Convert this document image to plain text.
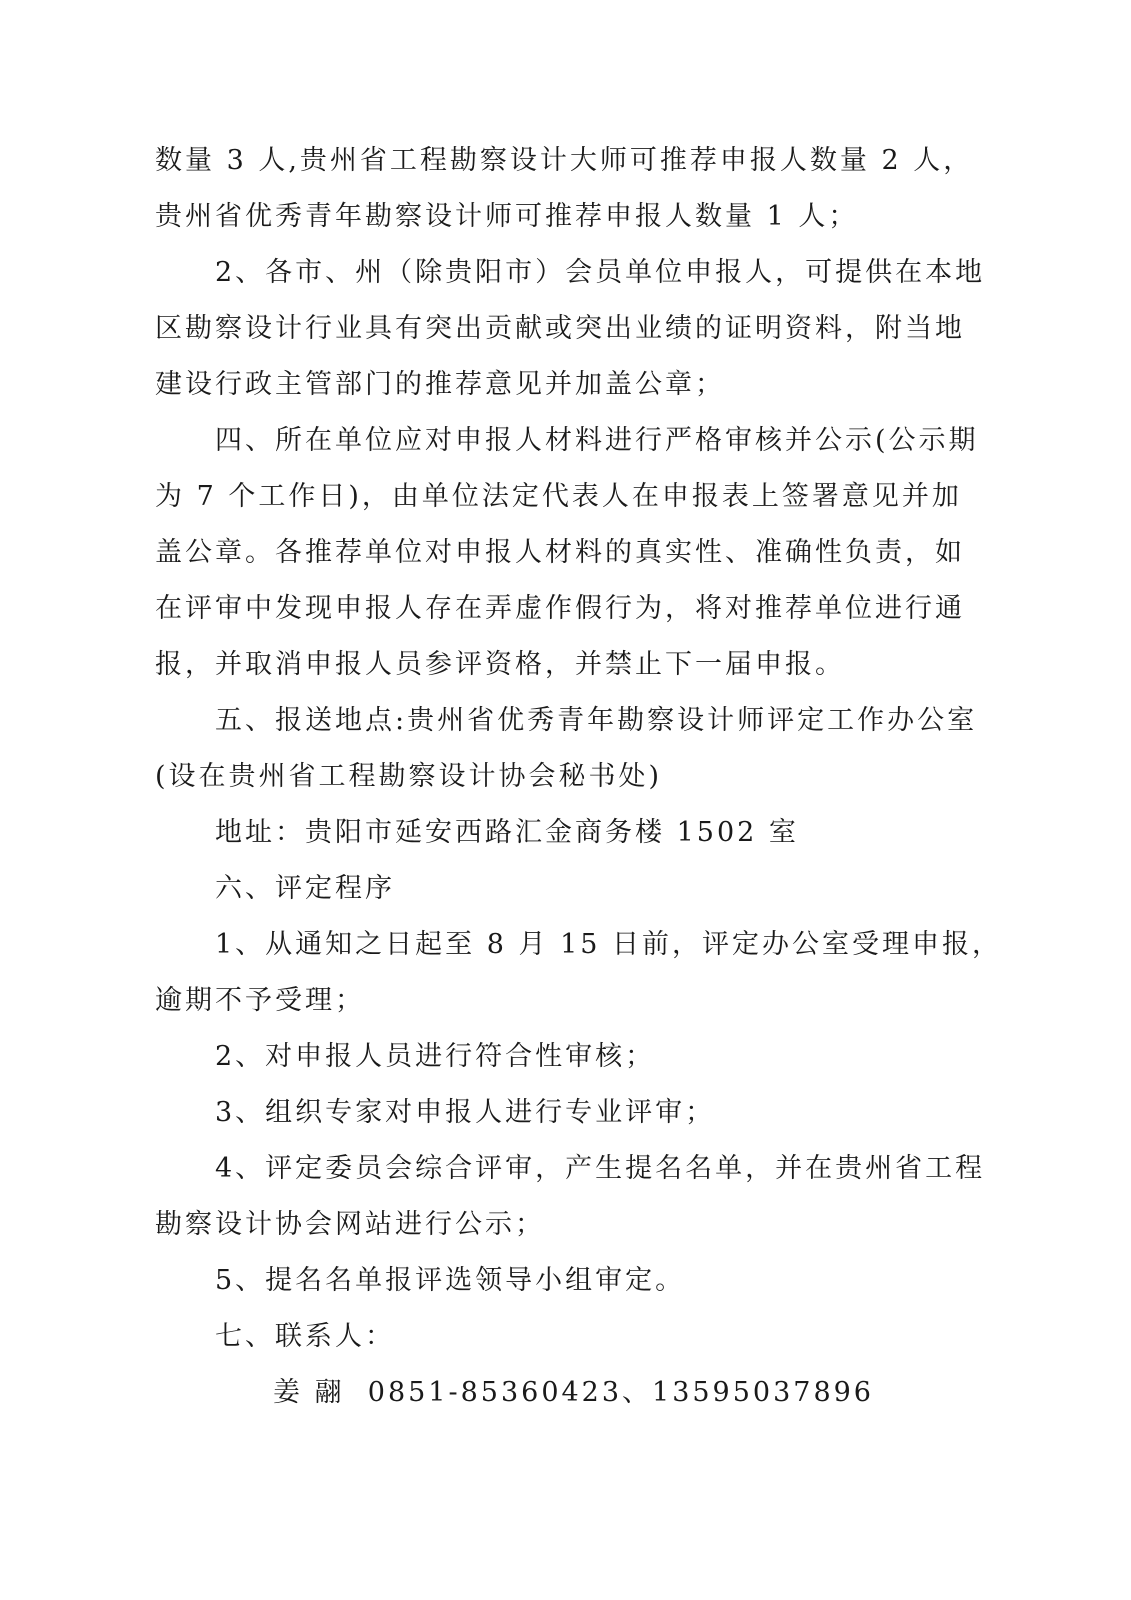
数量 3 人,贵州省工程勘察设计大师可推荐申报人数量 2 人，

贵州省优秀青年勘察设计师可推荐申报人数量 1 人；

2、各市、州（除贵阳市）会员单位申报人，可提供在本地

区勘察设计行业具有突出贡献或突出业绩的证明资料，附当地

建设行政主管部门的推荐意见并加盖公章；

四、所在单位应对申报人材料进行严格审核并公示(公示期

为 7 个工作日)，由单位法定代表人在申报表上签署意见并加

盖公章。各推荐单位对申报人材料的真实性、准确性负责，如

在评审中发现申报人存在弄虚作假行为，将对推荐单位进行通

报，并取消申报人员参评资格，并禁止下一届申报。

五、报送地点:贵州省优秀青年勘察设计师评定工作办公室

(设在贵州省工程勘察设计协会秘书处)

地址：贵阳市延安西路汇金商务楼 1502 室

六、评定程序

1、从通知之日起至 8 月 15 日前，评定办公室受理申报，

逾期不予受理；

2、对申报人员进行符合性审核；

3、组织专家对申报人进行专业评审；

4、评定委员会综合评审，产生提名名单，并在贵州省工程

勘察设计协会网站进行公示；

5、提名名单报评选领导小组审定。

七、联系人：

姜 翮 0851-85360423、13595037896
